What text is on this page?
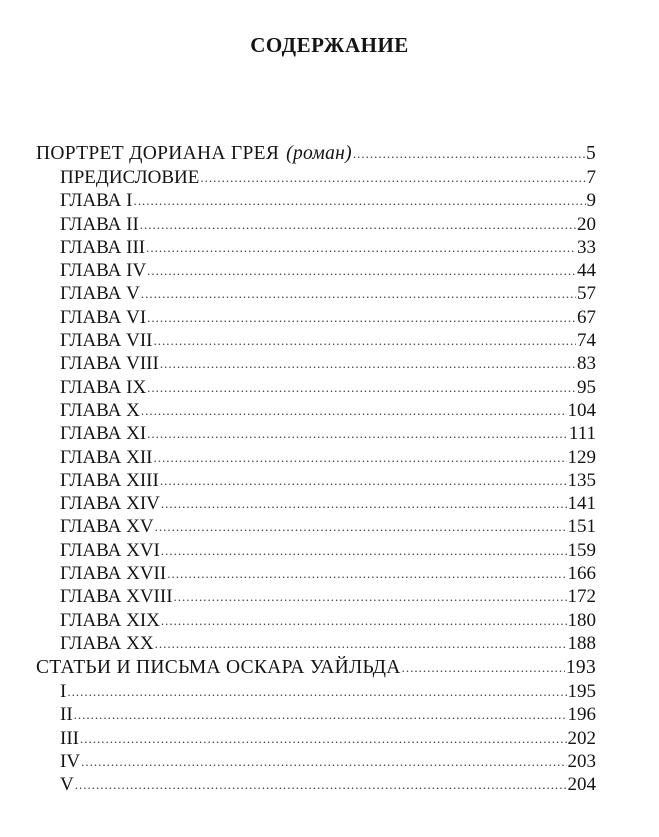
СОДЕРЖАНИЕ
ПОРТРЕТ ДОРИАНА ГРЕЯ (роман) .....	5
ПРЕДИСЛОВИЕ .....	7
ГЛАВА I .....	9
ГЛАВА II .....	20
ГЛАВА III .....	33
ГЛАВА IV .....	44
ГЛАВА V .....	57
ГЛАВА VI .....	67
ГЛАВА VII .....	74
ГЛАВА VIII .....	83
ГЛАВА IX .....	95
ГЛАВА X .....	104
ГЛАВА XI .....	111
ГЛАВА XII .....	129
ГЛАВА XIII .....	135
ГЛАВА XIV .....	141
ГЛАВА XV .....	151
ГЛАВА XVI .....	159
ГЛАВА XVII .....	166
ГЛАВА XVIII .....	172
ГЛАВА XIX .....	180
ГЛАВА XX .....	188
СТАТЬИ И ПИСЬМА ОСКАРА УАЙЛЬДА .....	193
I .....	195
II .....	196
III .....	202
IV .....	203
V .....	204
